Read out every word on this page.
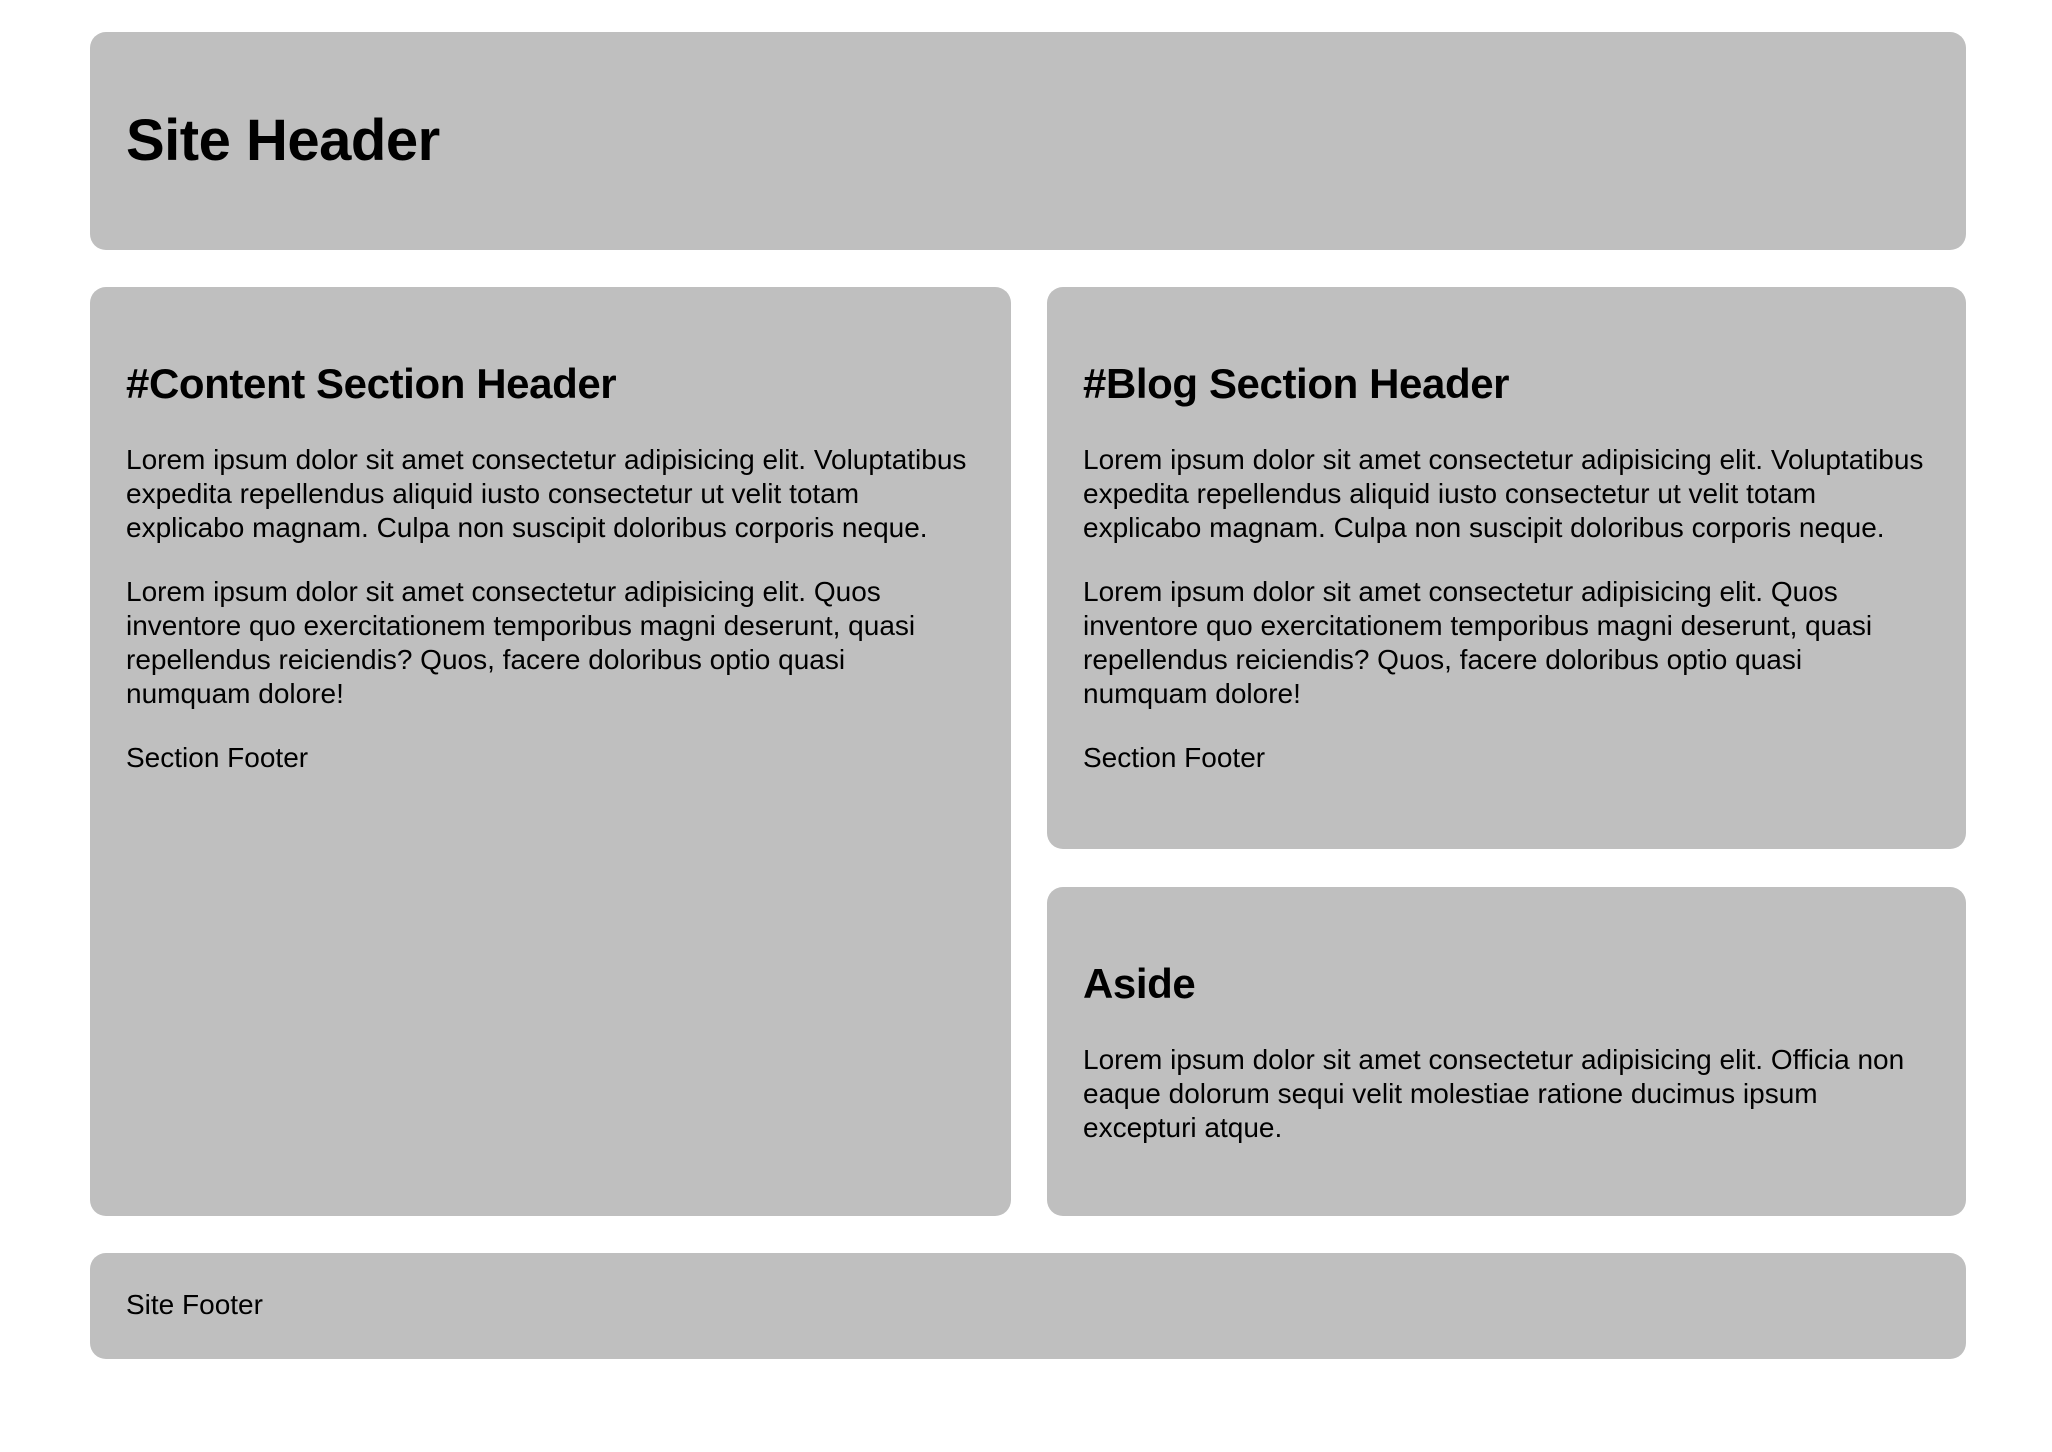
Site Header
#Content Section Header

Lorem ipsum dolor sit amet consectetur adipisicing elit. Voluptatibus expedita repellendus aliquid iusto consectetur ut velit totam explicabo magnam. Culpa non suscipit doloribus corporis neque.

Lorem ipsum dolor sit amet consectetur adipisicing elit. Quos inventore quo exercitationem temporibus magni deserunt, quasi repellendus reiciendis? Quos, facere doloribus optio quasi numquam dolore!

Section Footer

#Blog Section Header

Lorem ipsum dolor sit amet consectetur adipisicing elit. Voluptatibus expedita repellendus aliquid iusto consectetur ut velit totam explicabo magnam. Culpa non suscipit doloribus corporis neque.

Lorem ipsum dolor sit amet consectetur adipisicing elit. Quos inventore quo exercitationem temporibus magni deserunt, quasi repellendus reiciendis? Quos, facere doloribus optio quasi numquam dolore!

Section Footer

Aside

Lorem ipsum dolor sit amet consectetur adipisicing elit. Officia non eaque dolorum sequi velit molestiae ratione ducimus ipsum excepturi atque.

Site Footer
